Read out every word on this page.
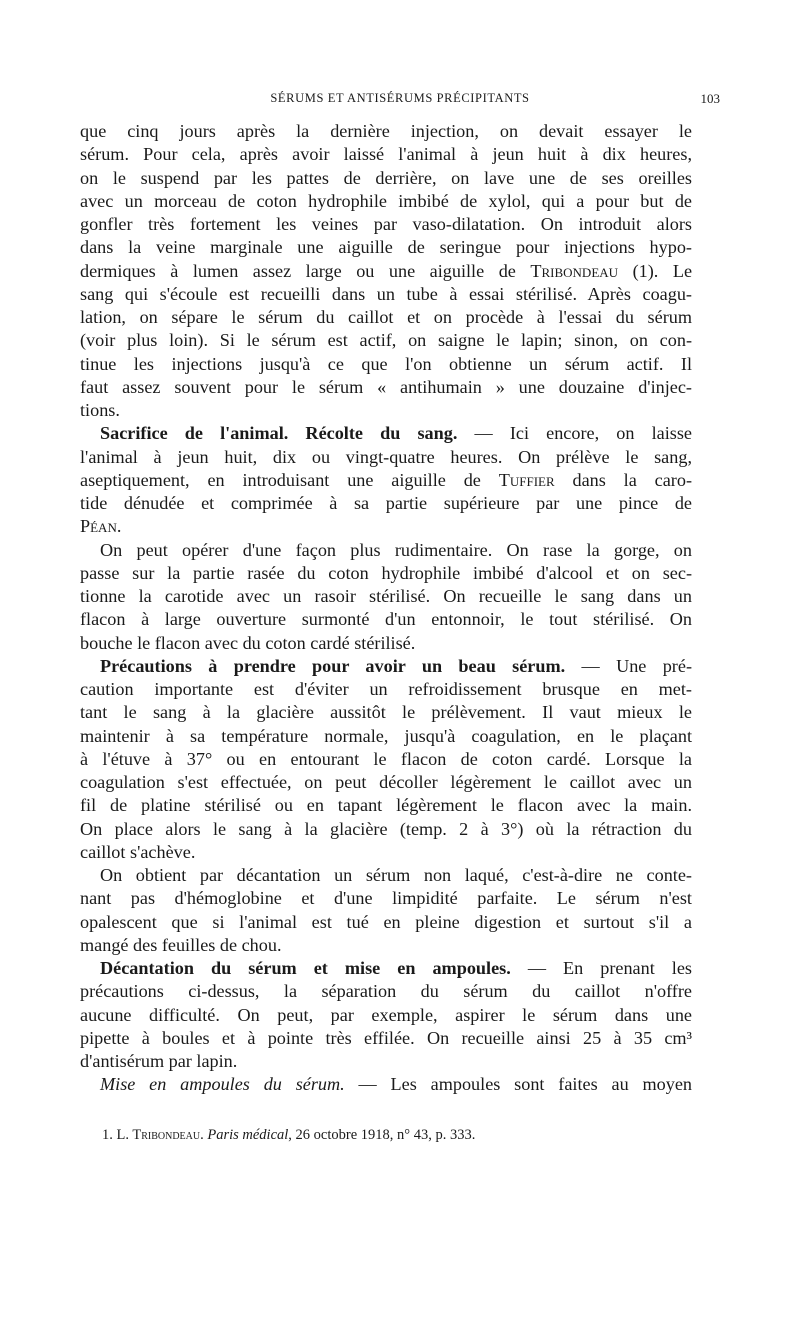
SÉRUMS ET ANTISÉRUMS PRÉCIPITANTS	103
que cinq jours après la dernière injection, on devait essayer le
sérum. Pour cela, après avoir laissé l'animal à jeun huit à dix heures,
on le suspend par les pattes de derrière, on lave une de ses oreilles
avec un morceau de coton hydrophile imbibé de xylol, qui a pour but de
gonfler très fortement les veines par vaso-dilatation. On introduit alors
dans la veine marginale une aiguille de seringue pour injections hypo-
dermiques à lumen assez large ou une aiguille de Tribondeau (1). Le
sang qui s'écoule est recueilli dans un tube à essai stérilisé. Après coagu-
lation, on sépare le sérum du caillot et on procède à l'essai du sérum
(voir plus loin). Si le sérum est actif, on saigne le lapin; sinon, on con-
tinue les injections jusqu'à ce que l'on obtienne un sérum actif. Il
faut assez souvent pour le sérum « antihumain » une douzaine d'injec-
tions.
Sacrifice de l'animal. Récolte du sang. — Ici encore, on laisse
l'animal à jeun huit, dix ou vingt-quatre heures. On prélève le sang,
aseptiquement, en introduisant une aiguille de Tuffier dans la caro-
tide dénudée et comprimée à sa partie supérieure par une pince de
Péan.
On peut opérer d'une façon plus rudimentaire. On rase la gorge, on
passe sur la partie rasée du coton hydrophile imbibé d'alcool et on sec-
tionne la carotide avec un rasoir stérilisé. On recueille le sang dans un
flacon à large ouverture surmonté d'un entonnoir, le tout stérilisé. On
bouche le flacon avec du coton cardé stérilisé.
Précautions à prendre pour avoir un beau sérum. — Une pré-
caution importante est d'éviter un refroidissement brusque en met-
tant le sang à la glacière aussitôt le prélèvement. Il vaut mieux le
maintenir à sa température normale, jusqu'à coagulation, en le plaçant
à l'étuve à 37° ou en entourant le flacon de coton cardé. Lorsque la
coagulation s'est effectuée, on peut décoller légèrement le caillot avec un
fil de platine stérilisé ou en tapant légèrement le flacon avec la main.
On place alors le sang à la glacière (temp. 2 à 3°) où la rétraction du
caillot s'achève.
On obtient par décantation un sérum non laqué, c'est-à-dire ne conte-
nant pas d'hémoglobine et d'une limpidité parfaite. Le sérum n'est
opalescent que si l'animal est tué en pleine digestion et surtout s'il a
mangé des feuilles de chou.
Décantation du sérum et mise en ampoules. — En prenant les
précautions ci-dessus, la séparation du sérum du caillot n'offre
aucune difficulté. On peut, par exemple, aspirer le sérum dans une
pipette à boules et à pointe très effilée. On recueille ainsi 25 à 35 cm³
d'antisérum par lapin.
Mise en ampoules du sérum. — Les ampoules sont faites au moyen
1. L. Tribondeau. Paris médical, 26 octobre 1918, n° 43, p. 333.
